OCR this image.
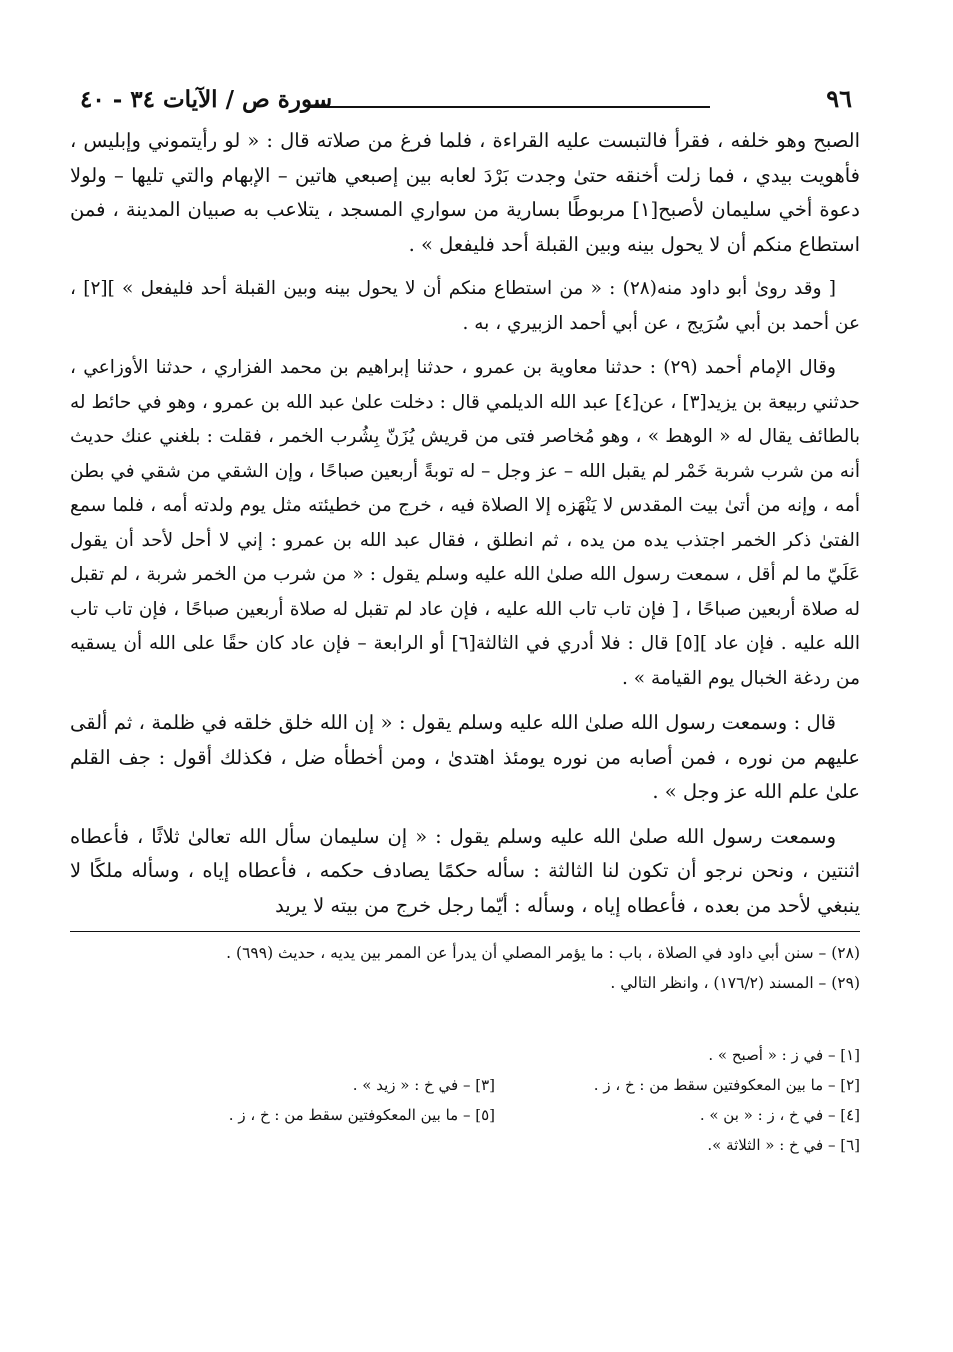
٩٦
سورة ص / الآيات ٣٤ - ٤٠

الصبح وهو خلفه ، فقرأ فالتبست عليه القراءة ، فلما فرغ من صلاته قال : « لو رأيتموني وإبليس ، فأهويت بيدي ، فما زلت أخنقه حتىٰ وجدت بَرْدَ لعابه بين إصبعي هاتين – الإبهام والتي تليها – ولولا دعوة أخي سليمان لأصبح[١] مربوطًا بسارية من سواري المسجد ، يتلاعب به صبيان المدينة ، فمن استطاع منكم أن لا يحول بينه وبين القبلة أحد فليفعل » .

[ وقد رویٰ أبو داود منه(٢٨) : « من استطاع منكم أن لا يحول بينه وبين القبلة أحد فليفعل » ][٢] ، عن أحمد بن أبي سُرَيج ، عن أبي أحمد الزبيري ، به .

وقال الإمام أحمد (٢٩) : حدثنا معاوية بن عمرو ، حدثنا إبراهيم بن محمد الفزاري ، حدثنا الأوزاعي ، حدثني ربيعة بن يزيد[٣] ، عن[٤] عبد الله الديلمي قال : دخلت علىٰ عبد الله بن عمرو ، وهو في حائط له بالطائف يقال له « الوهط » ، وهو مُخاصر فتى من قريش يُزَنّ بِشُرب الخمر ، فقلت : بلغني عنك حديث أنه من شرب شربة خَمْر لم يقبل الله – عز وجل – له توبةً أربعين صباحًا ، وإن الشقي من شقي في بطن أمه ، وإنه من أتىٰ بيت المقدس لا يَنْهَزه إلا الصلاة فيه ، خرج من خطيئته مثل يوم ولدته أمه ، فلما سمع الفتىٰ ذكر الخمر اجتذب يده من يده ، ثم انطلق ، فقال عبد الله بن عمرو : إني لا أحل لأحد أن يقول عَلَيّ ما لم أقل ، سمعت رسول الله صلىٰ الله عليه وسلم يقول : « من شرب من الخمر شربة ، لم تقبل له صلاة أربعين صباحًا ، [ فإن تاب تاب الله عليه ، فإن عاد لم تقبل له صلاة أربعين صباحًا ، فإن تاب تاب الله عليه . فإن عاد ][٥] قال : فلا أدري في الثالثة[٦] أو الرابعة – فإن عاد كان حقًا على الله أن يسقيه من ردغة الخبال يوم القيامة » .

قال : وسمعت رسول الله صلىٰ الله عليه وسلم يقول : « إن الله خلق خلقه في ظلمة ، ثم ألقى عليهم من نوره ، فمن أصابه من نوره يومئذ اهتدىٰ ، ومن أخطأه ضل ، فكذلك أقول : جف القلم علىٰ علم الله عز وجل » .

وسمعت رسول الله صلىٰ الله عليه وسلم يقول : « إن سليمان سأل الله تعالىٰ ثلاثًا ، فأعطاه اثنتين ، ونحن نرجو أن تكون لنا الثالثة : سأله حكمًا يصادف حكمه ، فأعطاه إياه ، وسأله ملكًا لا ينبغي لأحد من بعده ، فأعطاه إياه ، وسأله : أيّما رجل خرج من بيته لا يريد

(٢٨) – سنن أبي داود في الصلاة ، باب : ما يؤمر المصلي أن يدرأ عن الممر بين يديه ، حديث (٦٩٩) .

(٢٩) – المسند (١٧٦/٢) ، وانظر التالي .

[١] – في ز : « أصبح » .
[٢] – ما بين المعكوفتين سقط من : خ ، ز .
[٣] – في خ : « زيد » .
[٤] – في خ ، ز : « بن » .
[٥] – ما بين المعكوفتين سقط من : خ ، ز .
[٦] – في خ : « الثلاثة ».
